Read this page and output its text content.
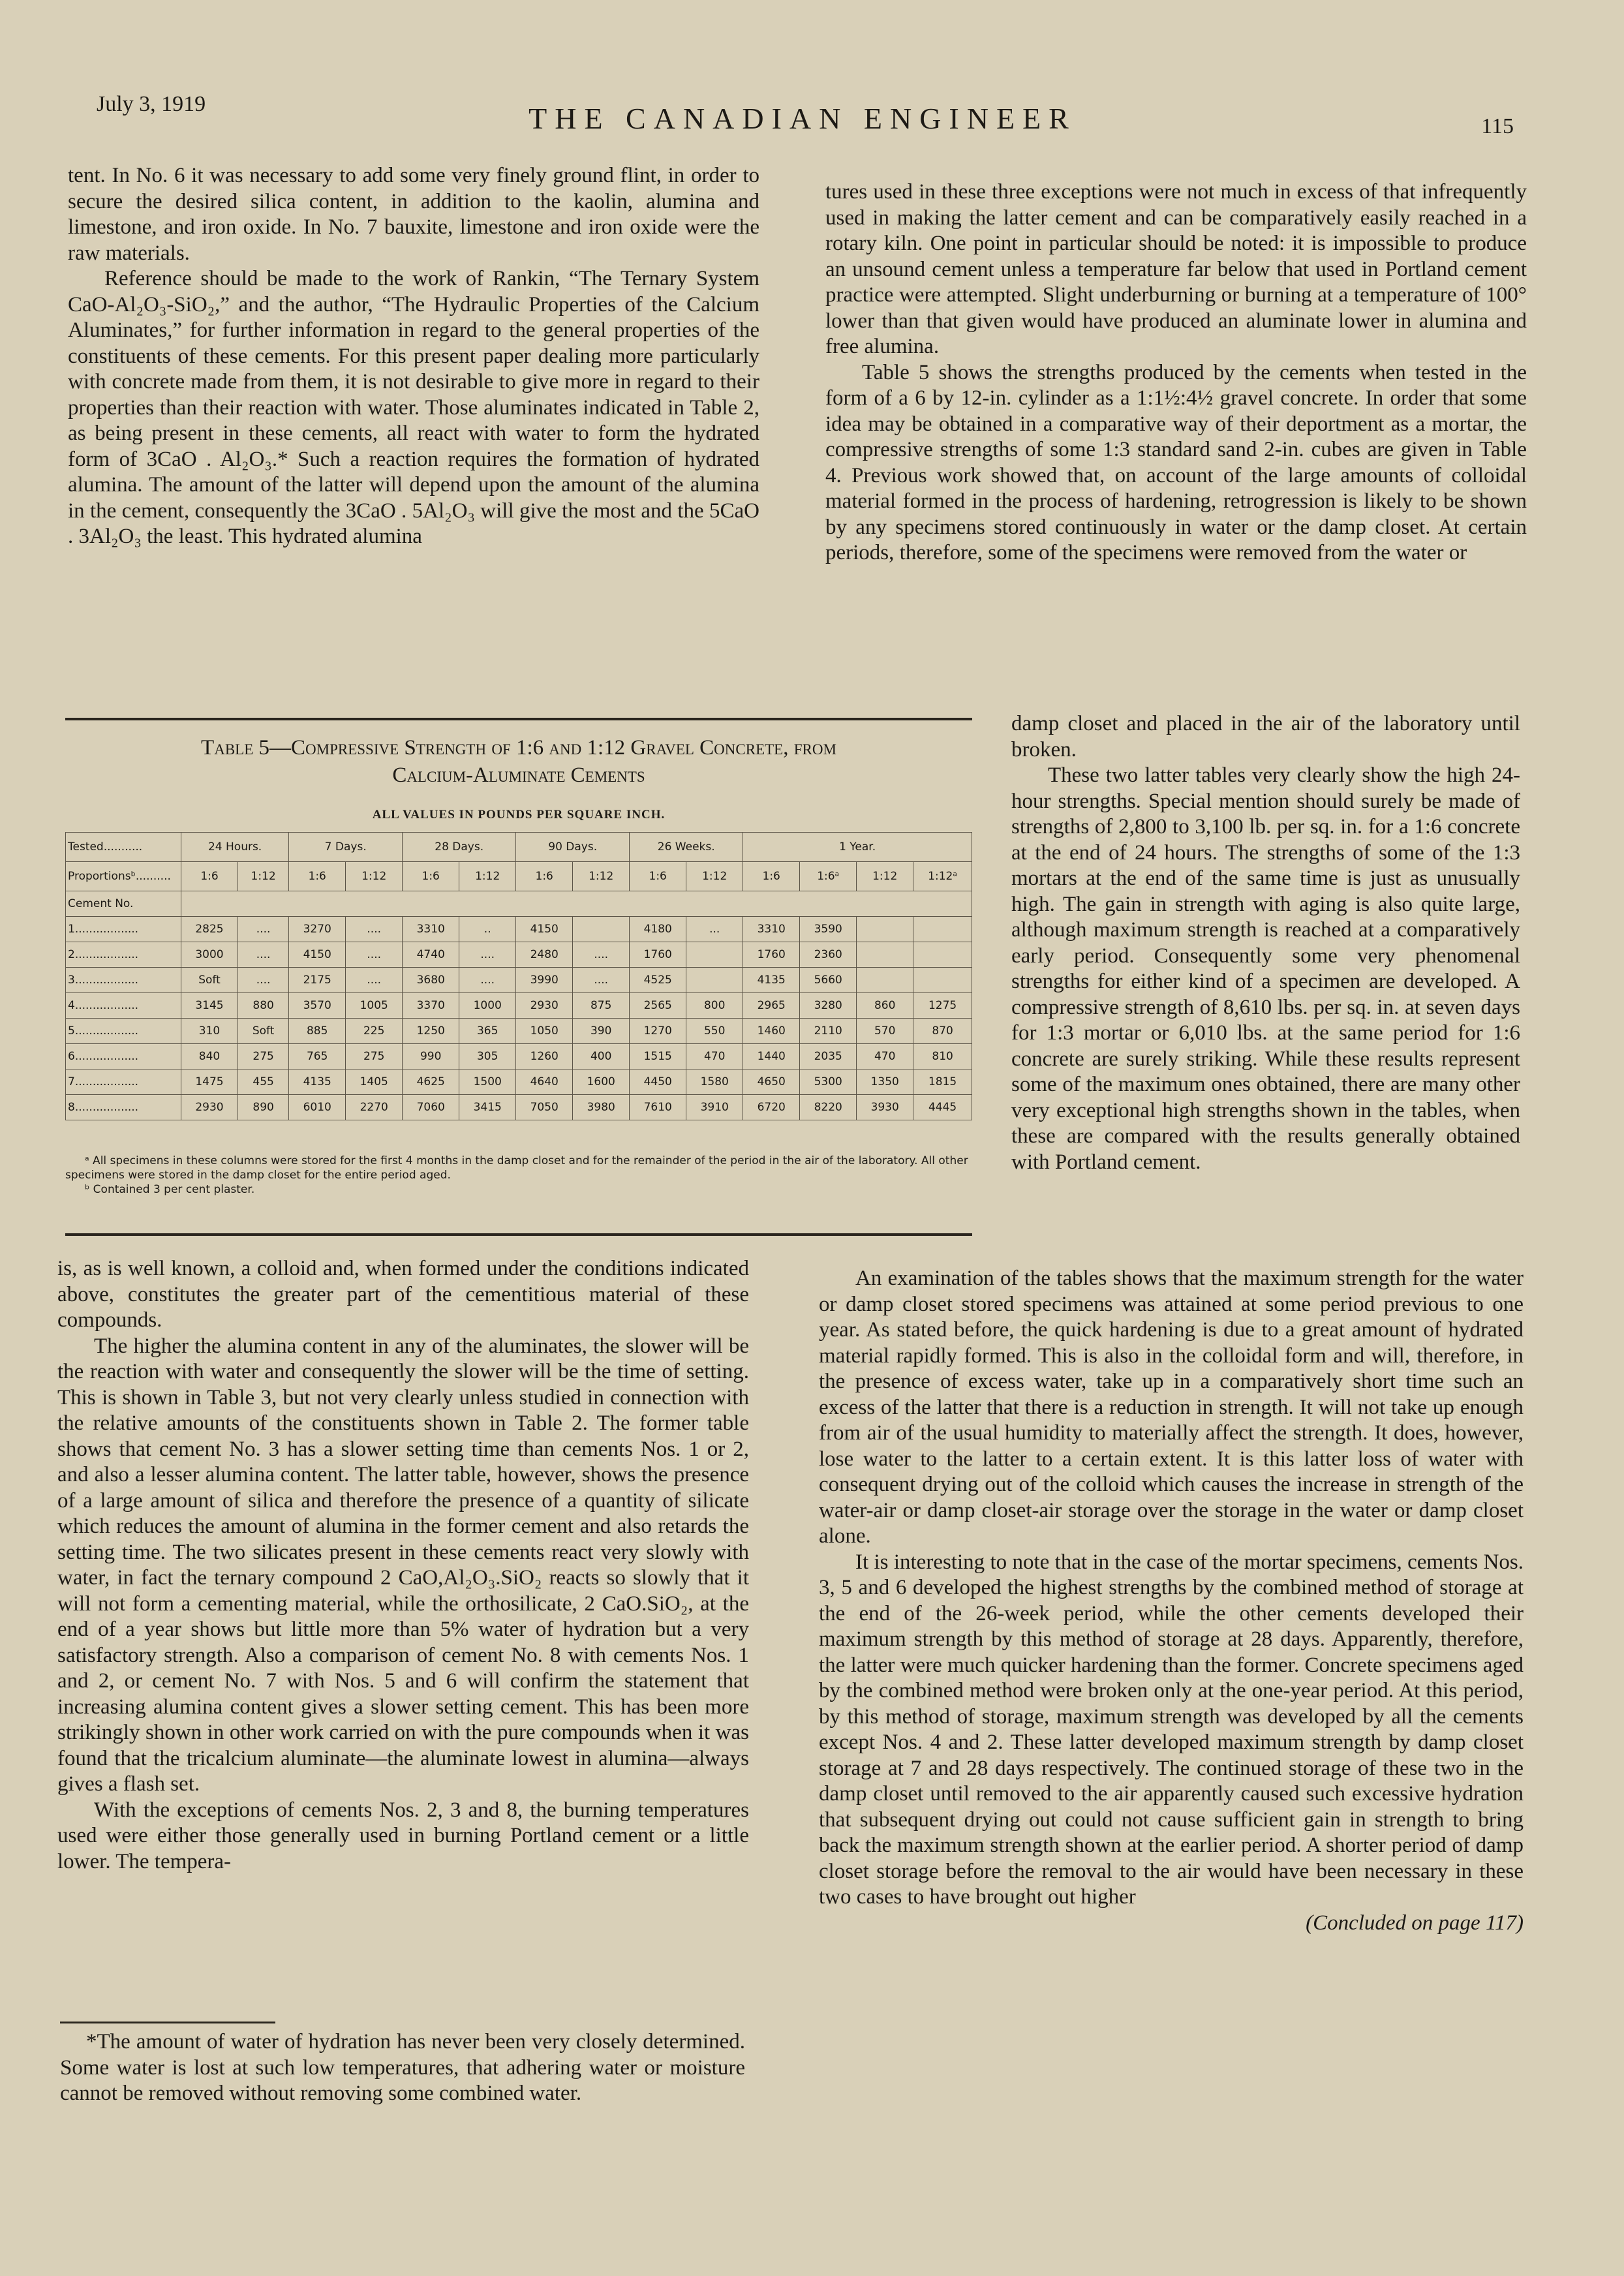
July 3, 1919	THE CANADIAN ENGINEER	115

tent. In No. 6 it was necessary to add some very finely ground flint, in order to secure the desired silica content, in addition to the kaolin, alumina and limestone, and iron oxide. In No. 7 bauxite, limestone and iron oxide were the raw materials.

Reference should be made to the work of Rankin, “The Ternary System CaO-Al₂O₃-SiO₂,” and the author, “The Hydraulic Properties of the Calcium Aluminates,” for further information in regard to the general properties of the constituents of these cements. For this present paper dealing more particularly with concrete made from them, it is not desirable to give more in regard to their properties than their reaction with water. Those aluminates indicated in Table 2, as being present in these cements, all react with water to form the hydrated form of 3CaO . Al₂O₃.* Such a reaction requires the formation of hydrated alumina. The amount of the latter will depend upon the amount of the alumina in the cement, consequently the 3CaO . 5Al₂O₃ will give the most and the 5CaO . 3Al₂O₃ the least. This hydrated alumina

tures used in these three exceptions were not much in excess of that infrequently used in making the latter cement and can be comparatively easily reached in a rotary kiln. One point in particular should be noted: it is impossible to produce an unsound cement unless a temperature far below that used in Portland cement practice were attempted. Slight underburning or burning at a temperature of 100° lower than that given would have produced an aluminate lower in alumina and free alumina.

Table 5 shows the strengths produced by the cements when tested in the form of a 6 by 12-in. cylinder as a 1:1½:4½ gravel concrete. In order that some idea may be obtained in a comparative way of their deportment as a mortar, the compressive strengths of some 1:3 standard sand 2-in. cubes are given in Table 4. Previous work showed that, on account of the large amounts of colloidal material formed in the process of hardening, retrogression is likely to be shown by any specimens stored continuously in water or the damp closet. At certain periods, therefore, some of the specimens were removed from the water or

Table 5—Compressive Strength of 1:6 and 1:12 Gravel Concrete, from
Calcium-Aluminate Cements
ALL VALUES IN POUNDS PER SQUARE INCH.
Tested...........	24 Hours.		7 Days.		28 Days.		90 Days.		26 Weeks.		1 Year.			
Proportionsᵇ..........	1:6	1:12	1:6	1:12	1:6	1:12	1:6	1:12	1:6	1:12	1:6	1:6ᵃ	1:12	1:12ᵃ
Cement No.														
1..................	2825	....	3270	....	3310	..	4150		4180	...	3310	3590		
2..................	3000	....	4150	....	4740	....	2480	....	1760		1760	2360		
3..................	Soft	....	2175	....	3680	....	3990	....	4525		4135	5660		
4..................	3145	880	3570	1005	3370	1000	2930	875	2565	800	2965	3280	860	1275
5..................	310	Soft	885	225	1250	365	1050	390	1270	550	1460	2110	570	870
6..................	840	275	765	275	990	305	1260	400	1515	470	1440	2035	470	810
7..................	1475	455	4135	1405	4625	1500	4640	1600	4450	1580	4650	5300	1350	1815
8..................	2930	890	6010	2270	7060	3415	7050	3980	7610	3910	6720	8220	3930	4445
ᵃ All specimens in these columns were stored for the first 4 months in the damp closet and for the remainder of the period in the air of the laboratory. All other specimens were stored in the damp closet for the entire period aged.
ᵇ Contained 3 per cent plaster.

damp closet and placed in the air of the laboratory until broken.

These two latter tables very clearly show the high 24-hour strengths. Special mention should surely be made of strengths of 2,800 to 3,100 lb. per sq. in. for a 1:6 concrete at the end of 24 hours. The strengths of some of the 1:3 mortars at the end of the same time is just as unusually high. The gain in strength with aging is also quite large, although maximum strength is reached at a comparatively early period. Consequently some very phenomenal strengths for either kind of a specimen are developed. A compressive strength of 8,610 lbs. per sq. in. at seven days for 1:3 mortar or 6,010 lbs. at the same period for 1:6 concrete are surely striking. While these results represent some of the maximum ones obtained, there are many other very exceptional high strengths shown in the tables, when these are compared with the results generally obtained with Portland cement.

is, as is well known, a colloid and, when formed under the conditions indicated above, constitutes the greater part of the cementitious material of these compounds.

The higher the alumina content in any of the aluminates, the slower will be the reaction with water and consequently the slower will be the time of setting. This is shown in Table 3, but not very clearly unless studied in connection with the relative amounts of the constituents shown in Table 2. The former table shows that cement No. 3 has a slower setting time than cements Nos. 1 or 2, and also a lesser alumina content. The latter table, however, shows the presence of a large amount of silica and therefore the presence of a quantity of silicate which reduces the amount of alumina in the former cement and also retards the setting time. The two silicates present in these cements react very slowly with water, in fact the ternary compound 2 CaO,Al₂O₃.SiO₂ reacts so slowly that it will not form a cementing material, while the orthosilicate, 2 CaO.SiO₂, at the end of a year shows but little more than 5% water of hydration but a very satisfactory strength. Also a comparison of cement No. 8 with cements Nos. 1 and 2, or cement No. 7 with Nos. 5 and 6 will confirm the statement that increasing alumina content gives a slower setting cement. This has been more strikingly shown in other work carried on with the pure compounds when it was found that the tricalcium aluminate—the aluminate lowest in alumina—always gives a flash set.

With the exceptions of cements Nos. 2, 3 and 8, the burning temperatures used were either those generally used in burning Portland cement or a little lower. The tempera-

*The amount of water of hydration has never been very closely determined. Some water is lost at such low temperatures, that adhering water or moisture cannot be removed without removing some combined water.

An examination of the tables shows that the maximum strength for the water or damp closet stored specimens was attained at some period previous to one year. As stated before, the quick hardening is due to a great amount of hydrated material rapidly formed. This is also in the colloidal form and will, therefore, in the presence of excess water, take up in a comparatively short time such an excess of the latter that there is a reduction in strength. It will not take up enough from air of the usual humidity to materially affect the strength. It does, however, lose water to the latter to a certain extent. It is this latter loss of water with consequent drying out of the colloid which causes the increase in strength of the water-air or damp closet-air storage over the storage in the water or damp closet alone.

It is interesting to note that in the case of the mortar specimens, cements Nos. 3, 5 and 6 developed the highest strengths by the combined method of storage at the end of the 26-week period, while the other cements developed their maximum strength by this method of storage at 28 days. Apparently, therefore, the latter were much quicker hardening than the former. Concrete specimens aged by the combined method were broken only at the one-year period. At this period, by this method of storage, maximum strength was developed by all the cements except Nos. 4 and 2. These latter developed maximum strength by damp closet storage at 7 and 28 days respectively. The continued storage of these two in the damp closet until removed to the air apparently caused such excessive hydration that subsequent drying out could not cause sufficient gain in strength to bring back the maximum strength shown at the earlier period. A shorter period of damp closet storage before the removal to the air would have been necessary in these two cases to have brought out higher

(Concluded on page 117)
